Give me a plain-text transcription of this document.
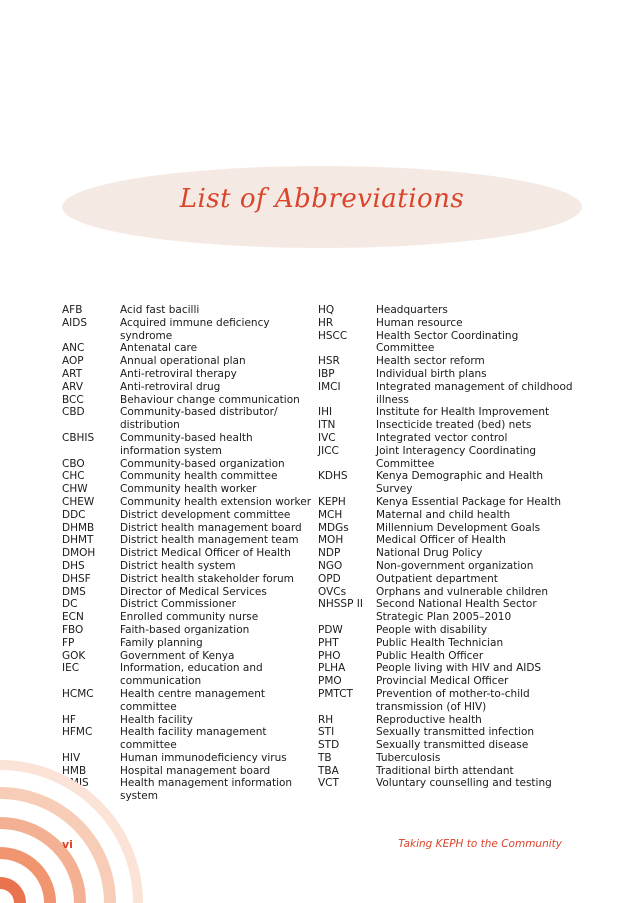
List of Abbreviations
AFB	Acid fast bacilli
AIDS	Acquired immune deficiency syndrome
ANC	Antenatal care
AOP	Annual operational plan
ART	Anti-retroviral therapy
ARV	Anti-retroviral drug
BCC	Behaviour change communication
CBD	Community-based distributor/ distribution
CBHIS	Community-based health information system
CBO	Community-based organization
CHC	Community health committee
CHW	Community health worker
CHEW	Community health extension worker
DDC	District development committee
DHMB	District health management board
DHMT	District health management team
DMOH	District Medical Officer of Health
DHS	District health system
DHSF	District health stakeholder forum
DMS	Director of Medical Services
DC	District Commissioner
ECN	Enrolled community nurse
FBO	Faith-based organization
FP	Family planning
GOK	Government of Kenya
IEC	Information, education and communication
HCMC	Health centre management committee
HF	Health facility
HFMC	Health facility management committee
HIV	Human immunodeficiency virus
HMB	Hospital management board
HMIS	Health management information system
HQ	Headquarters
HR	Human resource
HSCC	Health Sector Coordinating Committee
HSR	Health sector reform
IBP	Individual birth plans
IMCI	Integrated management of childhood illness
IHI	Institute for Health Improvement
ITN	Insecticide treated (bed) nets
IVC	Integrated vector control
JICC	Joint Interagency Coordinating Committee
KDHS	Kenya Demographic and Health Survey
KEPH	Kenya Essential Package for Health
MCH	Maternal and child health
MDGs	Millennium Development Goals
MOH	Medical Officer of Health
NDP	National Drug Policy
NGO	Non-government organization
OPD	Outpatient department
OVCs	Orphans and vulnerable children
NHSSP II	Second National Health Sector Strategic Plan 2005–2010
PDW	People with disability
PHT	Public Health Technician
PHO	Public Health Officer
PLHA	People living with HIV and AIDS
PMO	Provincial Medical Officer
PMTCT	Prevention of mother-to-child transmission (of HIV)
RH	Reproductive health
STI	Sexually transmitted infection
STD	Sexually transmitted disease
TB	Tuberculosis
TBA	Traditional birth attendant
VCT	Voluntary counselling and testing
vi	Taking KEPH to the Community
